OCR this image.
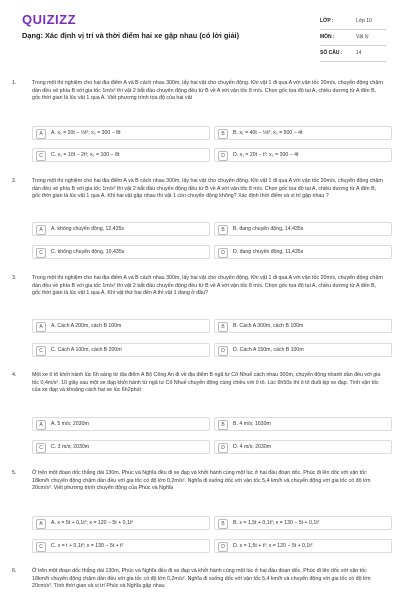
QUIZIZZ
Dạng: Xác định vị trí và thời điểm hai xe gặp nhau (có lời giải)
LỚP :	Lớp 10
MÔN :	Vật lý
SỐ CÂU :	14
1.	Trong một thí nghiệm cho hai địa điểm A và B cách nhau 300m, lấy hai vật cho chuyển động. Khi vật 1 đi qua A với vận tốc 20m/s, chuyển động chậm dần đều về phía B với gia tốc 1m/s² thì vật 2 bắt đầu chuyển động đều từ B về A với vận tốc 8 m/s. Chọn gốc tọa độ tại A, chiều dương từ A đến B, gốc thời gian là lúc vật 1 qua A. Viết phương trình tọa độ của hai vật
A	A. x₁ = 20t − ½t²; x₂ = 300 − 8t	B	B. x₁ = 40t − ½t²; x₂ = 500 − 4t
C	C. x₁ = 10t − 2t²; x₂ = 100 − 8t	D	D. x₁ = 20t − t²; x₂ = 300 − 4t
2.	Trong một thí nghiệm cho hai địa điểm A và B cách nhau 300m, lấy hai vật cho chuyển động. Khi vật 1 đi qua A với vận tốc 20m/s, chuyển động chậm dần đều về phía B với gia tốc 1m/s² thì vật 2 bắt đầu chuyển động đều từ B về A với vận tốc 8 m/s. Chọn gốc tọa độ tại A, chiều dương từ A đến B, gốc thời gian là lúc vật 1 qua A. Khi hai vật gặp nhau thì vật 1 còn chuyển động không? Xác định thời điểm và vị trí gặp nhau ?
A	A. không chuyển động, 12,435s	B	B. đang chuyển động, 14,435s
C	C. không chuyển động, 10,435s	D	D. đang chuyển động, 11,435s
3.	Trong một thí nghiệm cho hai địa điểm A và B cách nhau 300m, lấy hai vật cho chuyển động. Khi vật 1 đi qua A với vận tốc 20m/s, chuyển động chậm dần đều về phía B với gia tốc 1m/s² thì vật 2 bắt đầu chuyển động đều từ B về A với vận tốc 8 m/s. Chọn gốc tọa độ tại A, chiều dương từ A đến B, gốc thời gian là lúc vật 1 qua A. Khi vật thứ hai đến A thì vật 1 đang ở đâu?
A	A. Cách A 200m, cách B 100m	B	B. Cách A 300m, cách B 100m
C	C. Cách A 100m, cách B 200m	D	D. Cách A 150m, cách B 100m
4.	Một xe ô tô khởi hành lúc 6h sáng từ địa điểm A Bộ Công An đi về địa điểm B ngã tư Cổ Nhuế cách nhau 300m, chuyển động nhanh dần đều với gia tốc 0,4m/s². 10 giây sau một xe đạp khởi hành từ ngã tư Cổ Nhuế chuyển động cùng chiều với ô tô. Lúc 6h50s thì ô tô đuổi kịp xe đạp. Tính vận tốc của xe đạp và khoảng cách hai xe lúc 6h2phút
A	A. 5 m/s; 2030m	B	B. 4 m/s; 1030m
C	C. 3 m/s; 2030m	D	D. 4 m/s; 2030m
5.	Ở trên một đoạn dốc thẳng dài 130m, Phúc và Nghĩa đều đi xe đạp và khởi hành cùng một lúc ở hai đầu đoạn dốc. Phúc đi lên dốc với vận tốc 18km/h chuyển động chậm dần đều với gia tốc có độ lớn 0,2m/s². Nghĩa đi xuống dốc với vận tốc 5,4 km/h và chuyển động với gia tốc có độ lớn 20cm/s². Viết phương trình chuyển động của Phúc và Nghĩa
A	A. x = 5t + 0,1t²; x = 120 − 5t + 0,1t²	B	B. x = 1,5t + 0,1t²; x = 130 − 5t + 0,1t²
C	C. x = t + 0,1t²; x = 130 − 5t + t²	D	D. x = 1,5t + t²; x = 120 − 5t + 0,1t²
6.	Ở trên một đoạn dốc thẳng dài 130m, Phúc và Nghĩa đều đi xe đạp và khởi hành cùng một lúc ở hai đầu đoạn dốc. Phúc đi lên dốc với vận tốc 18km/h chuyển động chậm dần đều với gia tốc có độ lớn 0,2m/s². Nghĩa đi xuống dốc với vận tốc 5,4 km/h và chuyển động với gia tốc có độ lớn 20cm/s². Tính thời gian và vị trí Phúc và Nghĩa gặp nhau
